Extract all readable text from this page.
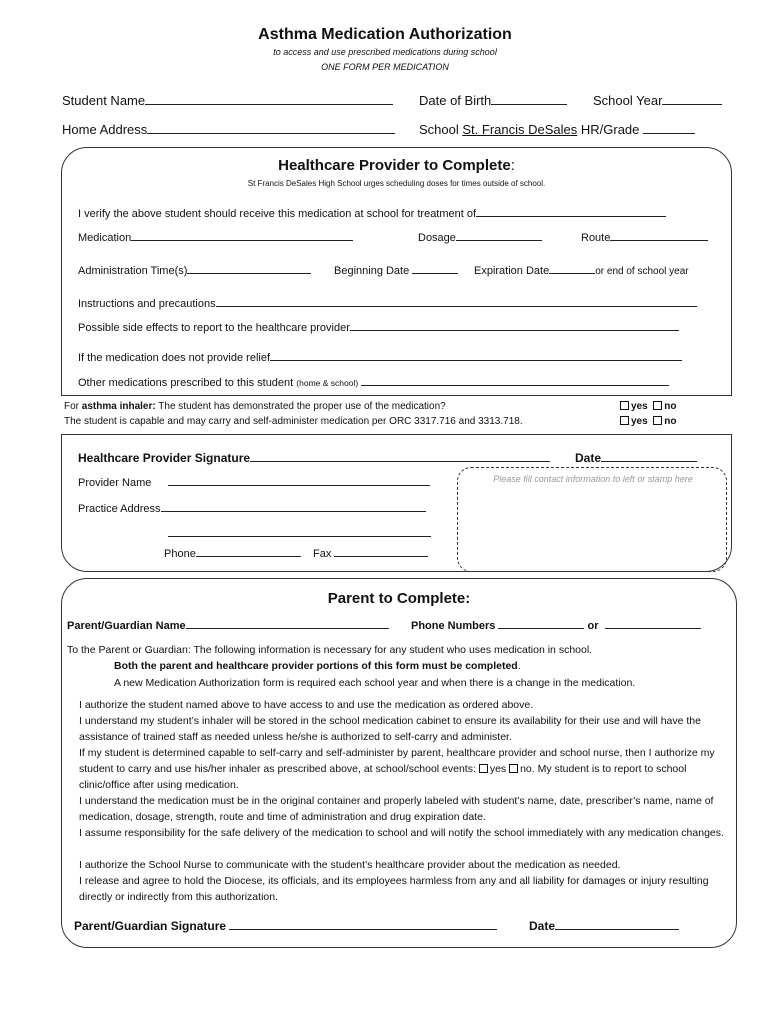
Asthma Medication Authorization
to access and use prescribed medications during school
ONE FORM PER MEDICATION
Student Name	Date of Birth	School Year
Home Address	School St. Francis DeSales HR/Grade
Healthcare Provider to Complete:
St Francis DeSales High School urges scheduling doses for times outside of school.
I verify the above student should receive this medication at school for treatment of
Medication	Dosage	Route
Administration Time(s)	Beginning Date	Expiration Date	or end of school year
Instructions and precautions
Possible side effects to report to the healthcare provider
If the medication does not provide relief
Other medications prescribed to this student (home & school)
For asthma inhaler: The student has demonstrated the proper use of the medication?
The student is capable and may carry and self-administer medication per ORC 3317.716 and 3313.718.
yes no
yes no
Healthcare Provider Signature	Date
Provider Name
Practice Address
Phone	Fax
Please fill contact information to left or stamp here
Parent to Complete:
Parent/Guardian Name	Phone Numbers	or
To the Parent or Guardian: The following information is necessary for any student who uses medication in school.
Both the parent and healthcare provider portions of this form must be completed.
A new Medication Authorization form is required each school year and when there is a change in the medication.
I authorize the student named above to have access to and use the medication as ordered above.
I understand my student’s inhaler will be stored in the school medication cabinet to ensure its availability for their use and will have the assistance of trained staff as needed unless he/she is authorized to self-carry and administer.
If my student is determined capable to self-carry and self-administer by parent, healthcare provider and school nurse, then I authorize my student to carry and use his/her inhaler as prescribed above, at school/school events: yes no. My student is to report to school clinic/office after using medication.
I understand the medication must be in the original container and properly labeled with student’s name, date, prescriber’s name, name of medication, dosage, strength, route and time of administration and drug expiration date.
I assume responsibility for the safe delivery of the medication to school and will notify the school immediately with any medication changes.
I authorize the School Nurse to communicate with the student’s healthcare provider about the medication as needed.
I release and agree to hold the Diocese, its officials, and its employees harmless from any and all liability for damages or injury resulting directly or indirectly from this authorization.
Parent/Guardian Signature	Date
